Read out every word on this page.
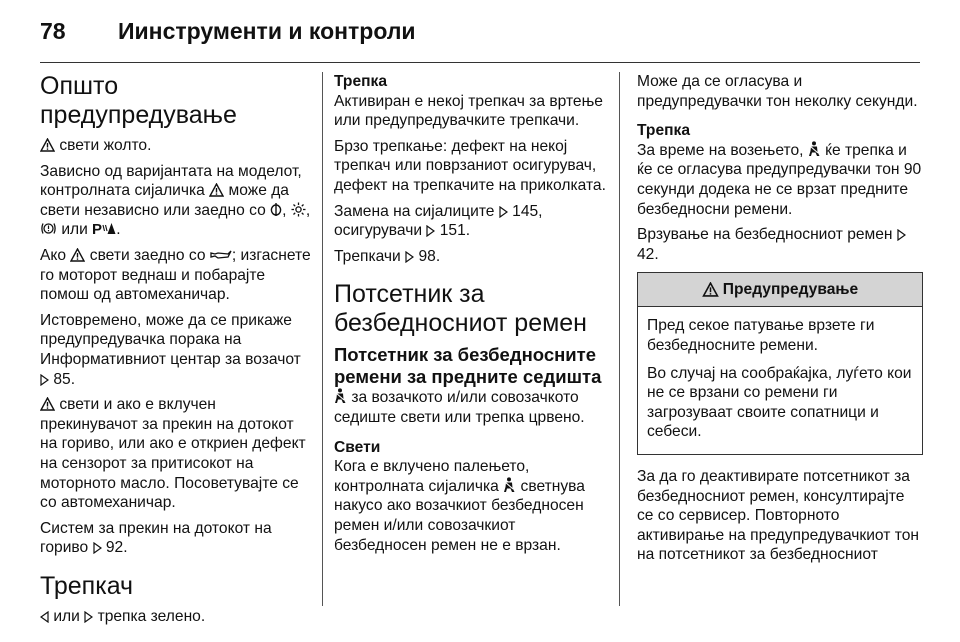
78	Иинструменти и контроли
Општо предупредување

свети жолто.

Зависно од варијантата на моделот, контролната сијаличка може да свети независно или заедно со , ,
или P .

Ако свети заедно со ; изгаснете го моторот веднаш и побарајте помош од автомеханичар.

Истовремено, може да се прикаже предупредувачка порака на Информативниот центар за возачот
85.

свети и ако е вклучен прекинувачот за прекин на дотокот на гориво, или ако е откриен дефект на сензорот за притисокот на моторното масло. Посоветувајте се со автомеханичар.

Систем за прекин на дотокот на гориво 92.

Трепкач

или трепка зелено.

Трепка

Активиран е некој трепкач за вртење или предупредувачките трепкачи.

Брзо трепкање: дефект на некој трепкач или поврзаниот осигурувач, дефект на трепкачите на приколката.

Замена на сијалиците 145, осигурувачи 151.

Трепкачи 98.

Потсетник за безбедносниот ремен
Потсетник за безбедносните ремени за предните седишта

за возачкото и/или совозачкото седиште свети или трепка црвено.

Свети

Кога е вклучено палењето, контролната сијаличка светнува накусо ако возачкиот безбедносен ремен и/или совозачкиот безбедносен ремен не е врзан.

Може да се огласува и предупредувачки тон неколку секунди.

Трепка

За време на возењето, ќе трепка и ќе се огласува предупредувачки тон 90 секунди додека не се врзат предните безбедносни ремени.

Врзување на безбедносниот ремен
42.

Предупредување

Пред секое патување врзете ги безбедносните ремени.

Во случај на сообраќајка, луѓето кои не се врзани со ремени ги загрозуваат своите сопатници и себеси.

За да го деактивирате потсетникот за безбедносниот ремен, консултирајте се со сервисер. Повторното активирање на предупредувачкиот тон на потсетникот за безбедносниот
